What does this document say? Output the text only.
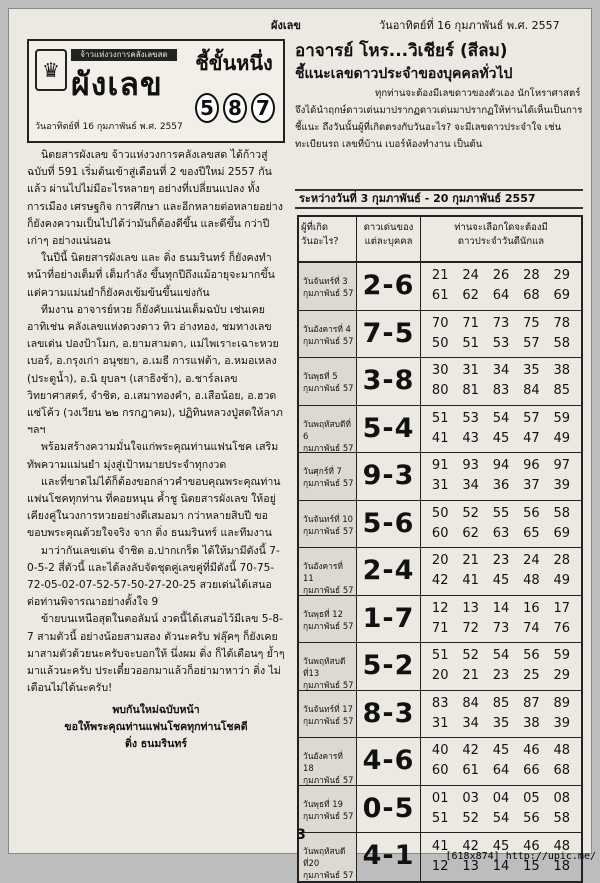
ผังเลข	วันอาทิตย์ที่ 16 กุมภาพันธ์ พ.ศ. 2557
♛
จ้าวแห่งวงการคลังเลขสด
ผังเลข
วันอาทิตย์ที่ 16 กุมภาพันธ์ พ.ศ. 2557
ชี้ขั้นหนึ่ง
5 8 7

นิตยสารผังเลข จ้าวแห่งวงการคลังเลขสด ได้ก้าวสู่ฉบับที่ 591 เริ่มต้นเข้าสู่เดือนที่ 2 ของปีใหม่ 2557 กันแล้ว ผ่านไปไม่มีอะไรหลายๆ อย่างที่เปลี่ยนแปลง ทั้งการเมือง เศรษฐกิจ การศึกษา และอีกหลายต่อหลายอย่าง ก็ยังคงความเป็นไปได้ว่ามันก็ต้องดีขึ้น และดีขึ้น กว่าปีเก่าๆ อย่างแน่นอน

ในปีนี้ นิตยสารผังเลข และ ติ่ง ธนมรินทร์ ก็ยังคงทำหน้าที่อย่างเต็มที่ เต็มกำลัง ขึ้นทุกปีถึงแม้อายุจะมากขึ้น แต่ความแม่นยำก็ยังคงเข้มข้นขึ้นแข่งกัน

ทีมงาน อาจารย์หวย ก็ยังคับแน่นเต็มฉบับ เช่นเคย อาทิเช่น คลังเลขแห่งดวงดาว ทิว อ่างทอง, ชมทางเลขเลขเด่น ปองป้าโมก, อ.ยามสามตา, แม่ไพเราะเฉาะหวยเบอร์, อ.กรุงเก่า อนุชยา, อ.เมธี การแฟต้า, อ.หมอเหลง (ประตูน้ำ), อ.นิ ยุบลฯ (เสาธิงช้า), อ.ชาร์ลเลขวิทยาศาสตร์, จำชิต, อ.เสมาทองคำ, อ.เสือน้อย, อ.ฮวด แซ่โค้ว (วงเวียน ๒๒ กรกฎาคม), ปฏิทินหลวงปู่สดให้ลาภ ฯลฯ

พร้อมสร้างความมั่นใจแก่พระคุณท่านแฟนโชค เสริมทัพความแม่นยำ มุ่งสู่เป้าหมายประจำทุกงวด

และที่ขาดไม่ได้ก็ต้องขอกล่าวคำขอบคุณพระคุณท่านแฟนโชคทุกท่าน ที่คอยหนุน ค้ำชู นิตยสารผังเลข ให้อยู่เคียงคู่ในวงการหวยอย่างดีเสมอมา กว่าหลายสิบปี ขอขอบพระคุณด้วยใจจริง จาก ติ่ง ธนมรินทร์ และทีมงาน

มาว่ากันเลขเด่น จำชิต อ.ปากเกร็ด ได้ให้มามีดังนี้ 7-0-5-2 สี่ตัวนี้ และได้ลงลับจัดชุดคู่เลขคู่ที่มีดังนี้ 70-75-72-05-02-07-52-57-50-27-20-25 สวยเด่นได้เสนอต่อท่านพิจารณาอย่างตั้งใจ 9

ข้ายบนเหนือสุดในตอลัมน์ งวดนี้ได้เสนอไว้มีเลข 5-8-7 สามตัวนี้ อย่างน้อยสามสอง ตัวนะครับ ฟลุ๊คๆ ก็ยังเคยมาสามตัวด้วยนะครับจะบอกให้ นึ่งผม ติ่ง ก็ได้เตือนๆ ย้ำๆ มาแล้วนะครับ ประเดี๋ยวออกมาแล้วก็อย่ามาหาว่า ติ่ง ไม่เตือนไม่ได้นะครับ!

พบกันใหม่ฉบับหน้า
ขอให้พระคุณท่านแฟนโชคทุกท่านโชคดี
ติ่ง ธนมรินทร์
อาจารย์ โหร...วิเชียร์ (สีลม)
ชี้แนะเลขดาวประจำของบุคคลทั่วไป
ทุกท่านจะต้องมีเลขดาวของตัวเอง นักโหราศาสตร์จึงได้นำฤกษ์ดาวเด่นมาปรากฏดาวเด่นมาปรากฏให้ท่านได้เห็นเป็นการชี้แนะ ถึงวันนั้นผู้ที่เกิดตรงกับวันอะไร? จะมีเลขดาวประจำใจ เช่น ทะเบียนรถ เลขที่บ้าน เบอร์ห้องทำงาน เป็นต้น
ระหว่างวันที่ 3 กุมภาพันธ์ - 20 กุมภาพันธ์ 2557
ผู้ที่เกิด
วันอะไร?
ดาวเด่นของ
แต่ละบุคคล
ท่านจะเลือกใดจะต้องมี
ดาวประจำวันดีนักแล
วันจันทร์ที่ 3
กุมภาพันธ์ 57 2-6	21	24	26	28	29
61	62	64	68	69
วันอังคารที่ 4
กุมภาพันธ์ 57 7-5	70	71	73	75	78
50	51	53	57	58
วันพุธที่ 5
กุมภาพันธ์ 57 3-8	30	31	34	35	38
80	81	83	84	85
วันพฤหัสบดีที่ 6
กุมภาพันธ์ 57
5-4	51	53	54	57	59
41	43	45	47	49
วันศุกร์ที่ 7
กุมภาพันธ์ 57 9-3	91	93	94	96	97
31	34	36	37	39
วันจันทร์ที่ 10
กุมภาพันธ์ 57 5-6	50	52	55	56	58
60	62	63	65	69
วันอังคารที่ 11
กุมภาพันธ์ 57
2-4	20	21	23	24	28
42	41	45	48	49
วันพุธที่ 12
กุมภาพันธ์ 57 1-7	12	13	14	16	17
71	72	73	74	76
วันพฤหัสบดีที่13
กุมภาพันธ์ 57
5-2	51	52	54	56	59
20	21	23	25	29
วันจันทร์ที่ 17
กุมภาพันธ์ 57 8-3	83	84	85	87	89
31	34	35	38	39
วันอังคารที่ 18
กุมภาพันธ์ 57
4-6	40	42	45	46	48
60	61	64	66	68
วันพุธที่ 19
กุมภาพันธ์ 57 0-5	01	03	04	05	08
51	52	54	56	58
วันพฤหัสบดีที่20
กุมภาพันธ์ 57
4-1	41	42	45	46	48
12	13	14	15	18
3
[618x874] http://upic.me/
